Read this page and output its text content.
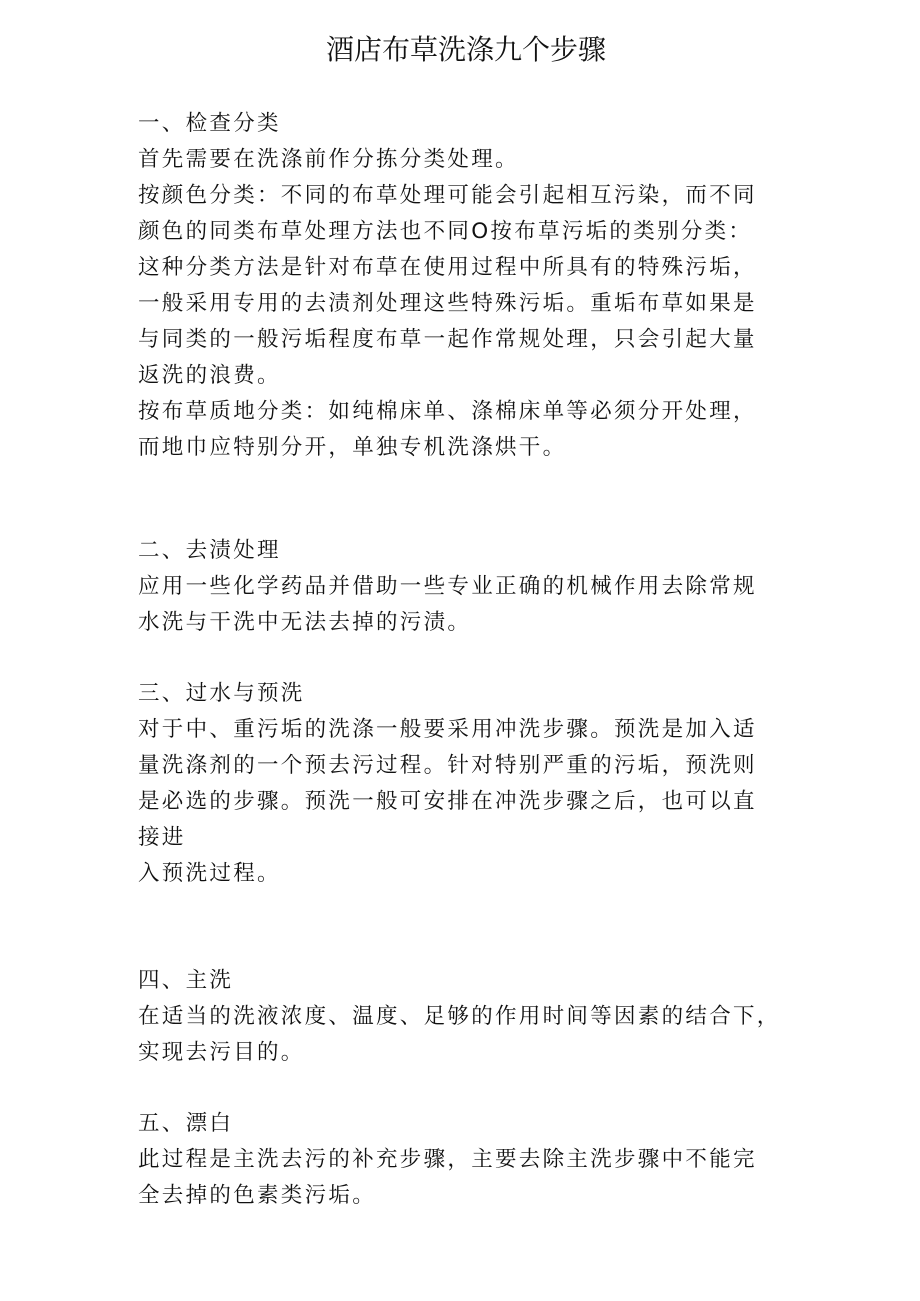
酒店布草洗涤九个步骤
一、检查分类
首先需要在洗涤前作分拣分类处理。
按颜色分类：不同的布草处理可能会引起相互污染，而不同
颜色的同类布草处理方法也不同O按布草污垢的类别分类：
这种分类方法是针对布草在使用过程中所具有的特殊污垢，
一般采用专用的去渍剂处理这些特殊污垢。重垢布草如果是
与同类的一般污垢程度布草一起作常规处理，只会引起大量
返洗的浪费。
按布草质地分类：如纯棉床单、涤棉床单等必须分开处理，
而地巾应特别分开，单独专机洗涤烘干。
二、去渍处理
应用一些化学药品并借助一些专业正确的机械作用去除常规
水洗与干洗中无法去掉的污渍。
三、过水与预洗
对于中、重污垢的洗涤一般要采用冲洗步骤。预洗是加入适
量洗涤剂的一个预去污过程。针对特别严重的污垢，预洗则
是必选的步骤。预洗一般可安排在冲洗步骤之后，也可以直
接进
入预洗过程。
四、主洗
在适当的洗液浓度、温度、足够的作用时间等因素的结合下，
实现去污目的。
五、漂白
此过程是主洗去污的补充步骤，主要去除主洗步骤中不能完
全去掉的色素类污垢。
